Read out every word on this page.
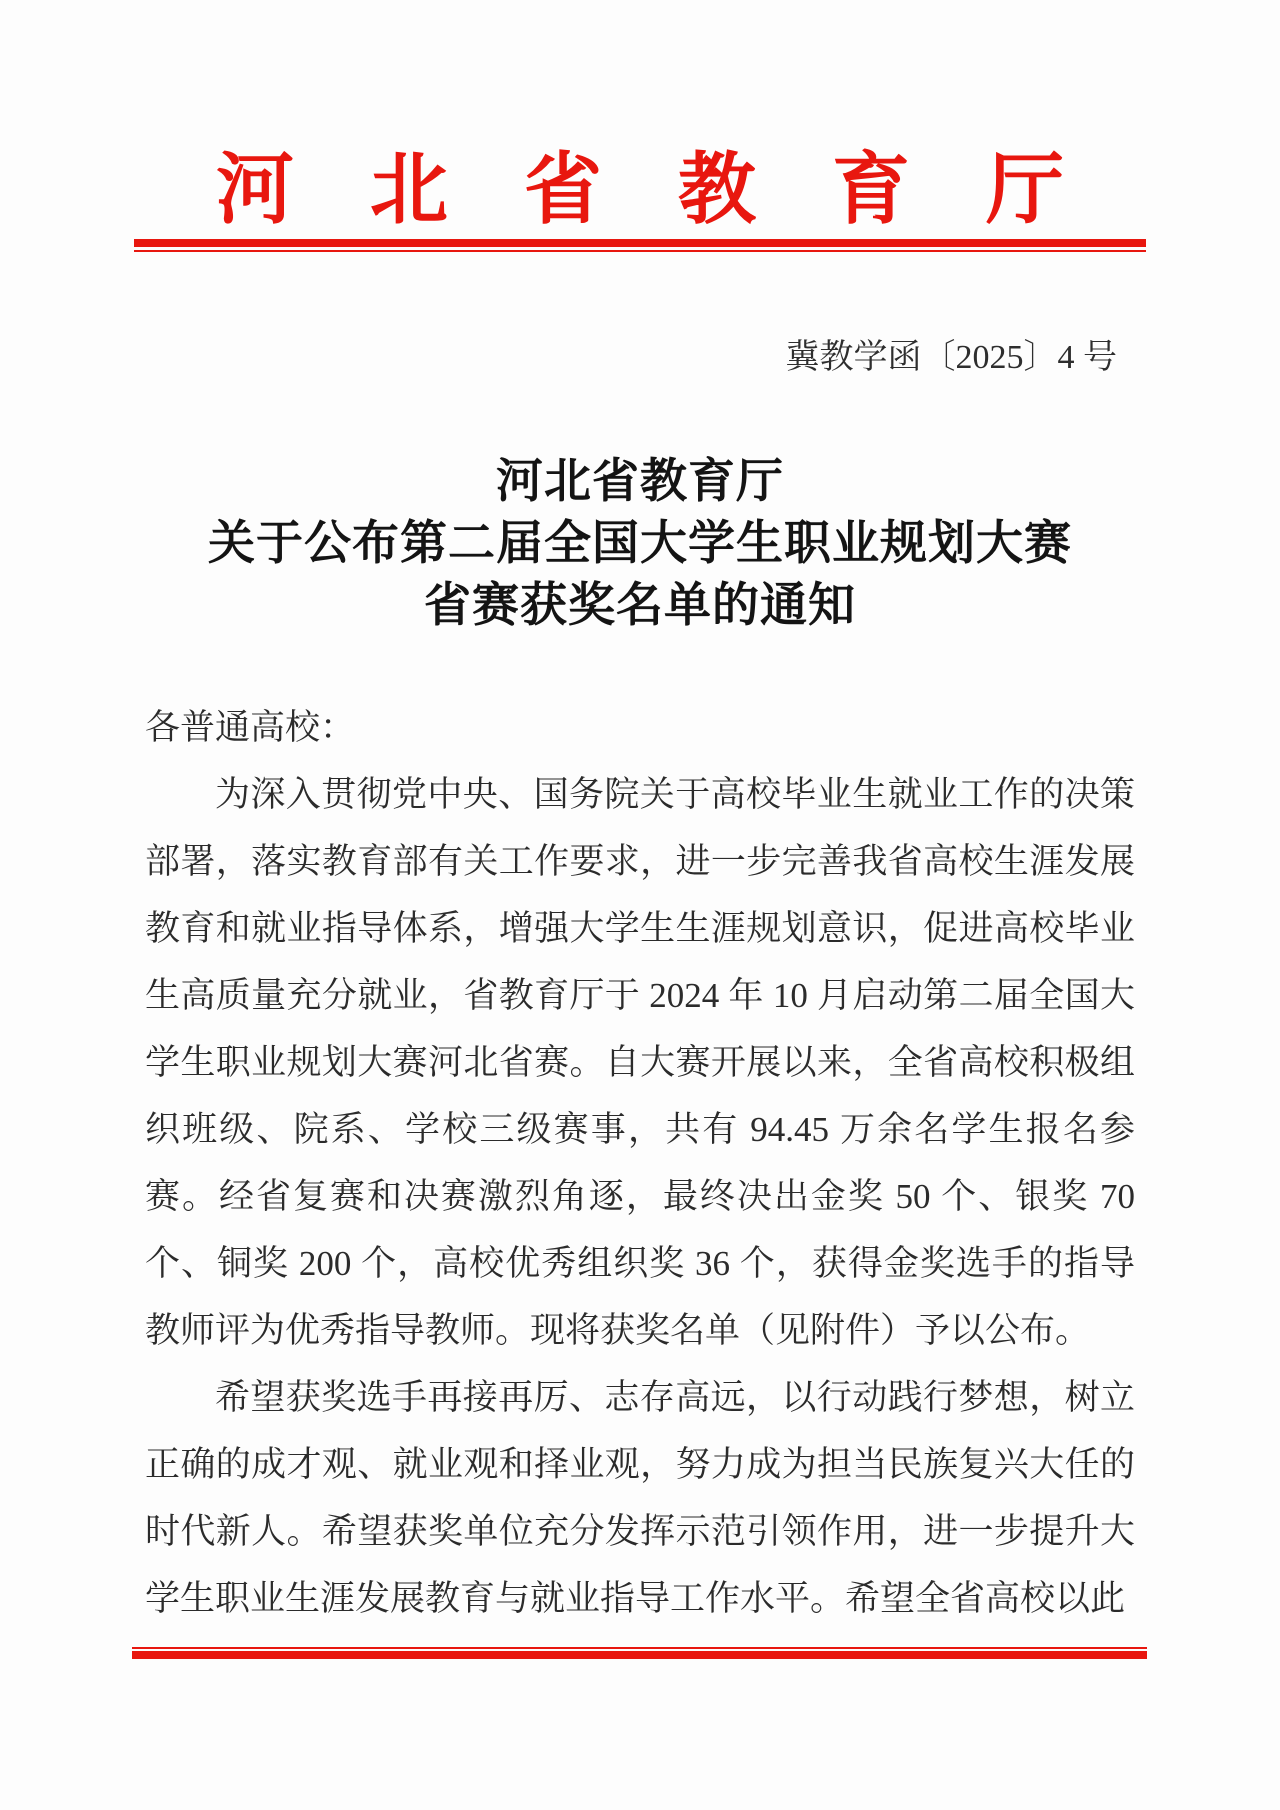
河北省教育厅
冀教学函〔2025〕4 号
河北省教育厅
关于公布第二届全国大学生职业规划大赛
省赛获奖名单的通知

各普通高校：

为深入贯彻党中央、国务院关于高校毕业生就业工作的决策部署，落实教育部有关工作要求，进一步完善我省高校生涯发展教育和就业指导体系，增强大学生生涯规划意识，促进高校毕业生高质量充分就业，省教育厅于 2024 年 10 月启动第二届全国大学生职业规划大赛河北省赛。自大赛开展以来，全省高校积极组织班级、院系、学校三级赛事，共有 94.45 万余名学生报名参赛。经省复赛和决赛激烈角逐，最终决出金奖 50 个、银奖 70 个、铜奖 200 个，高校优秀组织奖 36 个，获得金奖选手的指导教师评为优秀指导教师。现将获奖名单（见附件）予以公布。

希望获奖选手再接再厉、志存高远，以行动践行梦想，树立正确的成才观、就业观和择业观，努力成为担当民族复兴大任的时代新人。希望获奖单位充分发挥示范引领作用，进一步提升大学生职业生涯发展教育与就业指导工作水平。希望全省高校以此
